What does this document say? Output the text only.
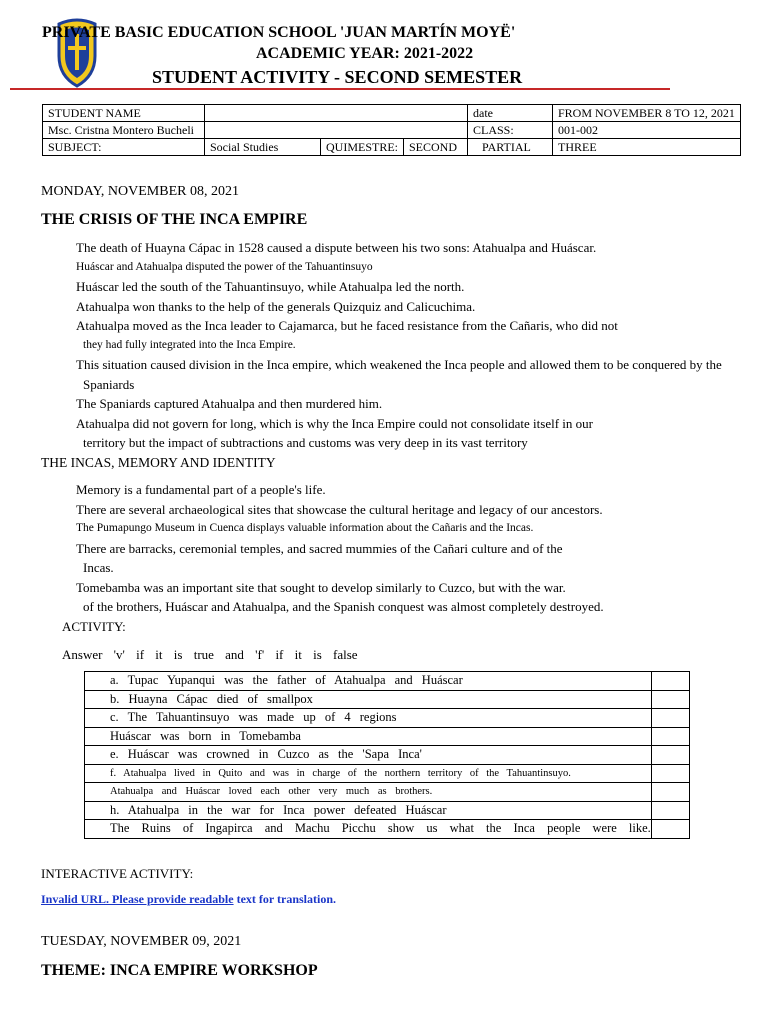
PRIVATE BASIC EDUCATION SCHOOL 'JUAN MARTÍN MOYË'
ACADEMIC YEAR: 2021-2022
STUDENT ACTIVITY - SECOND SEMESTER
STUDENT NAME				date	FROM NOVEMBER 8 TO 12, 2021
Msc. Cristna Montero Bucheli				CLASS:	001-002
SUBJECT:	Social Studies	QUIMESTRE:	SECOND	PARTIAL	THREE
MONDAY, NOVEMBER 08, 2021
THE CRISIS OF THE INCA EMPIRE
The death of Huayna Cápac in 1528 caused a dispute between his two sons: Atahualpa and Huáscar.
Huáscar and Atahualpa disputed the power of the Tahuantinsuyo
Huáscar led the south of the Tahuantinsuyo, while Atahualpa led the north.
Atahualpa won thanks to the help of the generals Quizquiz and Calicuchima.
Atahualpa moved as the Inca leader to Cajamarca, but he faced resistance from the Cañaris, who did not
they had fully integrated into the Inca Empire.
This situation caused division in the Inca empire, which weakened the Inca people and allowed them to be conquered by the
Spaniards
The Spaniards captured Atahualpa and then murdered him.
Atahualpa did not govern for long, which is why the Inca Empire could not consolidate itself in our
territory but the impact of subtractions and customs was very deep in its vast territory
THE INCAS, MEMORY AND IDENTITY
Memory is a fundamental part of a people's life.
There are several archaeological sites that showcase the cultural heritage and legacy of our ancestors.
The Pumapungo Museum in Cuenca displays valuable information about the Cañaris and the Incas.
There are barracks, ceremonial temples, and sacred mummies of the Cañari culture and of the
Incas.
Tomebamba was an important site that sought to develop similarly to Cuzco, but with the war.
of the brothers, Huáscar and Atahualpa, and the Spanish conquest was almost completely destroyed.
ACTIVITY:
Answer 'v' if it is true and 'f' if it is false
a. Tupac Yupanqui was the father of Atahualpa and Huáscar	
b. Huayna Cápac died of smallpox	
c. The Tahuantinsuyo was made up of 4 regions	
Huáscar was born in Tomebamba	
e. Huáscar was crowned in Cuzco as the 'Sapa Inca'	
f. Atahualpa lived in Quito and was in charge of the northern territory of the Tahuantinsuyo.	
Atahualpa and Huáscar loved each other very much as brothers.	
h. Atahualpa in the war for Inca power defeated Huáscar	
The Ruins of Ingapirca and Machu Picchu show us what the Inca people were like.	
INTERACTIVE ACTIVITY:
Invalid URL. Please provide readable text for translation.
TUESDAY, NOVEMBER 09, 2021
THEME: INCA EMPIRE WORKSHOP
